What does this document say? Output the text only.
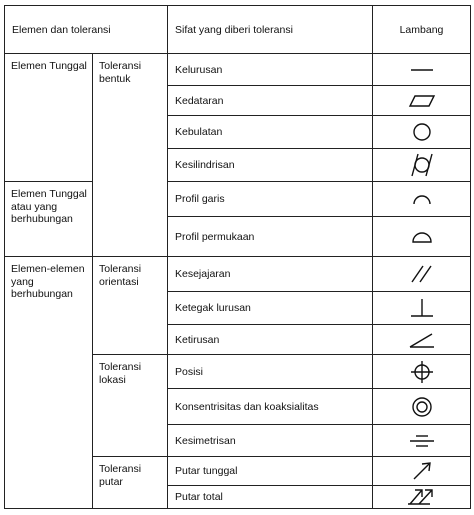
Elemen dan toleransi		Sifat yang diberi toleransi	Lambang
Elemen Tunggal	Toleransi bentuk	Kelurusan	

		Kedataran	

		Kebulatan	

		Kesilindrisan	

Elemen Tunggal atau yang berhubungan		Profil garis	

		Profil permukaan	

Elemen-elemen yang berhubungan	Toleransi orientasi	Kesejajaran	

		Ketegak lurusan	

		Ketirusan	

	Toleransi lokasi	Posisi	

		Konsentrisitas dan koaksialitas	

		Kesimetrisan	

	Toleransi putar	Putar tunggal	

		Putar total	
